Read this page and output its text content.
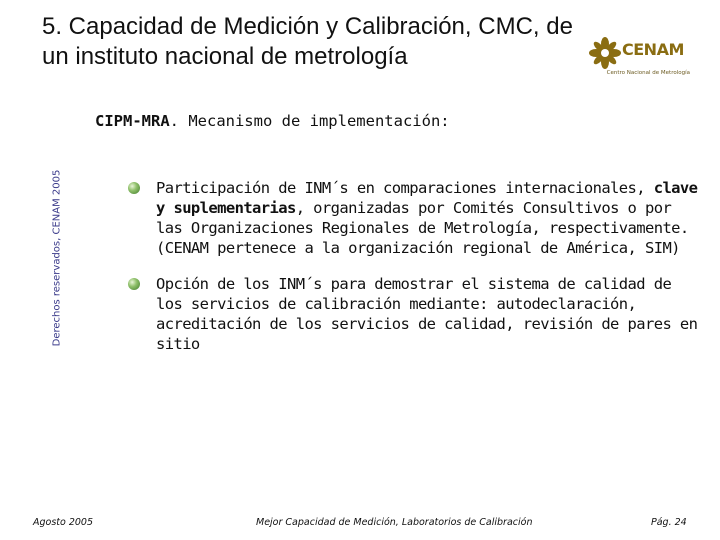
5. Capacidad de Medición y Calibración, CMC, de un instituto nacional de metrología	CENAM
Centro Nacional de Metrología
Derechos reservados, CENAM 2005
CIPM-MRA. Mecanismo de implementación:
Participación de INM´s en comparaciones internacionales, clave y suplementarias, organizadas por Comités Consultivos o por las Organizaciones Regionales de Metrología, respectivamente. (CENAM pertenece a la organización regional de América, SIM)
Opción de los INM´s para demostrar el sistema de calidad de los servicios de calibración mediante: autodeclaración, acreditación de los servicios de calidad, revisión de pares en sitio
Agosto 2005	Mejor Capacidad de Medición, Laboratorios de Calibración	Pág. 24
